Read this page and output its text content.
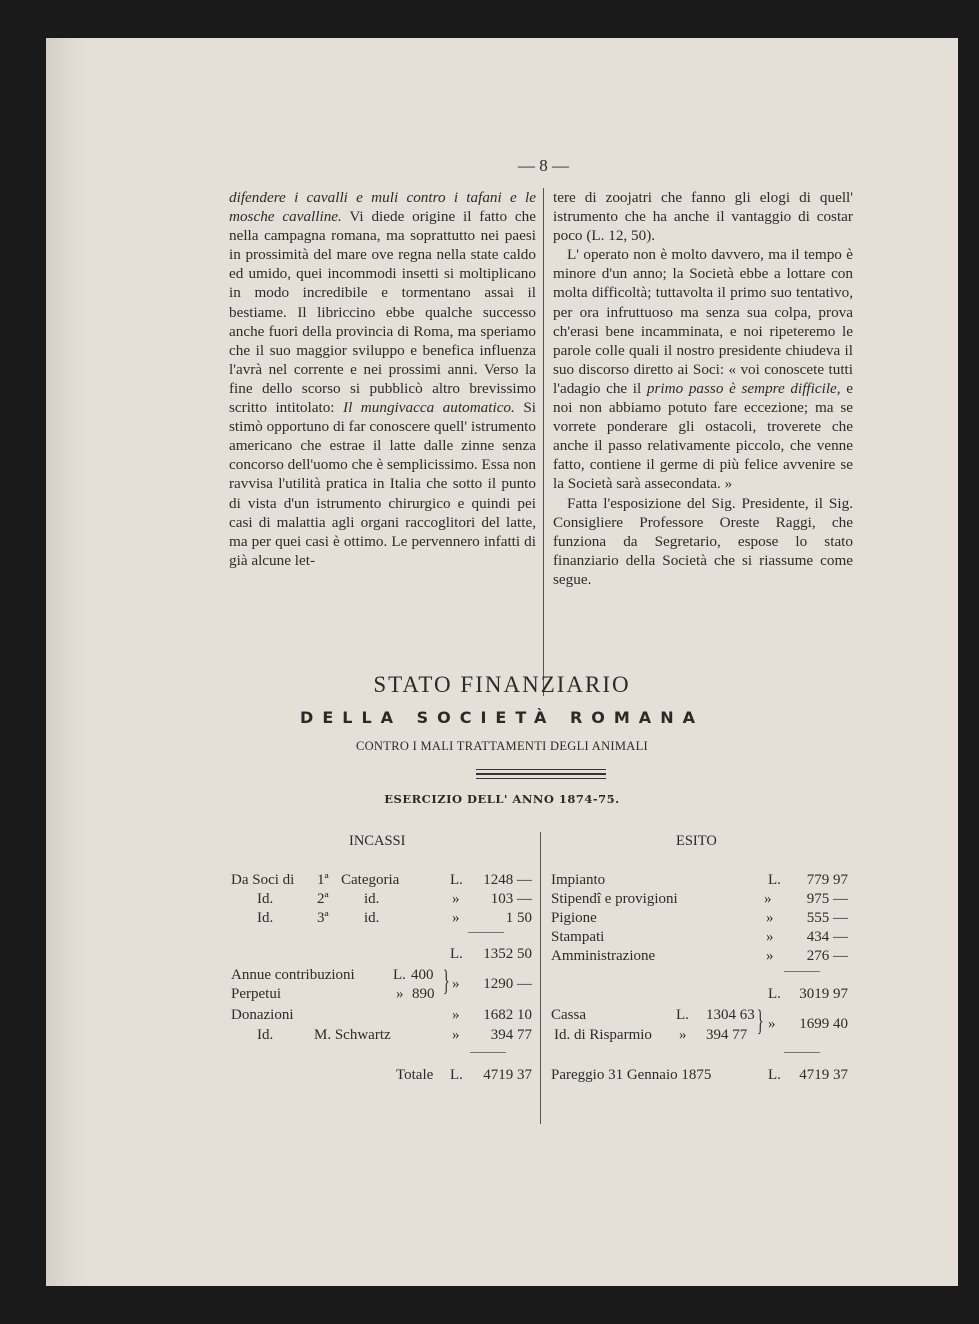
— 8 —

difendere i cavalli e muli contro i tafani e le mosche cavalline. Vi diede origine il fatto che nella campagna romana, ma soprattutto nei paesi in prossimità del mare ove regna nella state caldo ed umido, quei incommodi insetti si moltiplicano in modo incredibile e tormentano assai il bestiame. Il libriccino ebbe qualche successo anche fuori della provincia di Roma, ma speriamo che il suo maggior sviluppo e benefica influenza l'avrà nel corrente e nei prossimi anni. Verso la fine dello scorso si pubblicò altro brevissimo scritto intitolato: Il mungivacca automatico. Si stimò opportuno di far conoscere quell' istrumento americano che estrae il latte dalle zinne senza concorso dell'uomo che è semplicissimo. Essa non ravvisa l'utilità pratica in Italia che sotto il punto di vista d'un istrumento chirurgico e quindi pei casi di malattia agli organi raccoglitori del latte, ma per quei casi è ottimo. Le pervennero infatti di già alcune let-

tere di zoojatri che fanno gli elogi di quell' istrumento che ha anche il vantaggio di costar poco (L. 12, 50).

L' operato non è molto davvero, ma il tempo è minore d'un anno; la Società ebbe a lottare con molta difficoltà; tuttavolta il primo suo tentativo, per ora infruttuoso ma senza sua colpa, prova ch'erasi bene incamminata, e noi ripeteremo le parole colle quali il nostro presidente chiudeva il suo discorso diretto ai Soci: « voi conoscete tutti l'adagio che il primo passo è sempre difficile, e noi non abbiamo potuto fare eccezione; ma se vorrete ponderare gli ostacoli, troverete che anche il passo relativamente piccolo, che venne fatto, contiene il germe di più felice avvenire se la Società sarà assecondata. »

Fatta l'esposizione del Sig. Presidente, il Sig. Consigliere Professore Oreste Raggi, che funziona da Segretario, espose lo stato finanziario della Società che si riassume come segue.

STATO FINANZIARIO
DELLA SOCIETÀ ROMANA
CONTRO I MALI TRATTAMENTI DEGLI ANIMALI
ESERCIZIO DELL' ANNO 1874-75.
INCASSI	ESITO
Da Soci di 1ª Categoria	L.	1248 —
Id.	2ª id.	»	103 —
Id.	3ª id.	»	1 50
———
L.	1352 50
Annue contribuzioni	L. 400
Perpetui	» 890 } »	1290 —
Donazioni	»	1682 10
Id.	M. Schwartz	»	394 77
———
Totale L.	4719 37
Impianto	L.	779 97
Stipendî e provigioni	»	975 —
Pigione	»	555 —
Stampati	»	434 —
Amministrazione	»	276 —
———
L.	3019 97
Cassa	L. 1304 63
Id. di Risparmio » 394 77 } »	1699 40
———
Pareggio 31 Gennaio 1875	L.	4719 37
